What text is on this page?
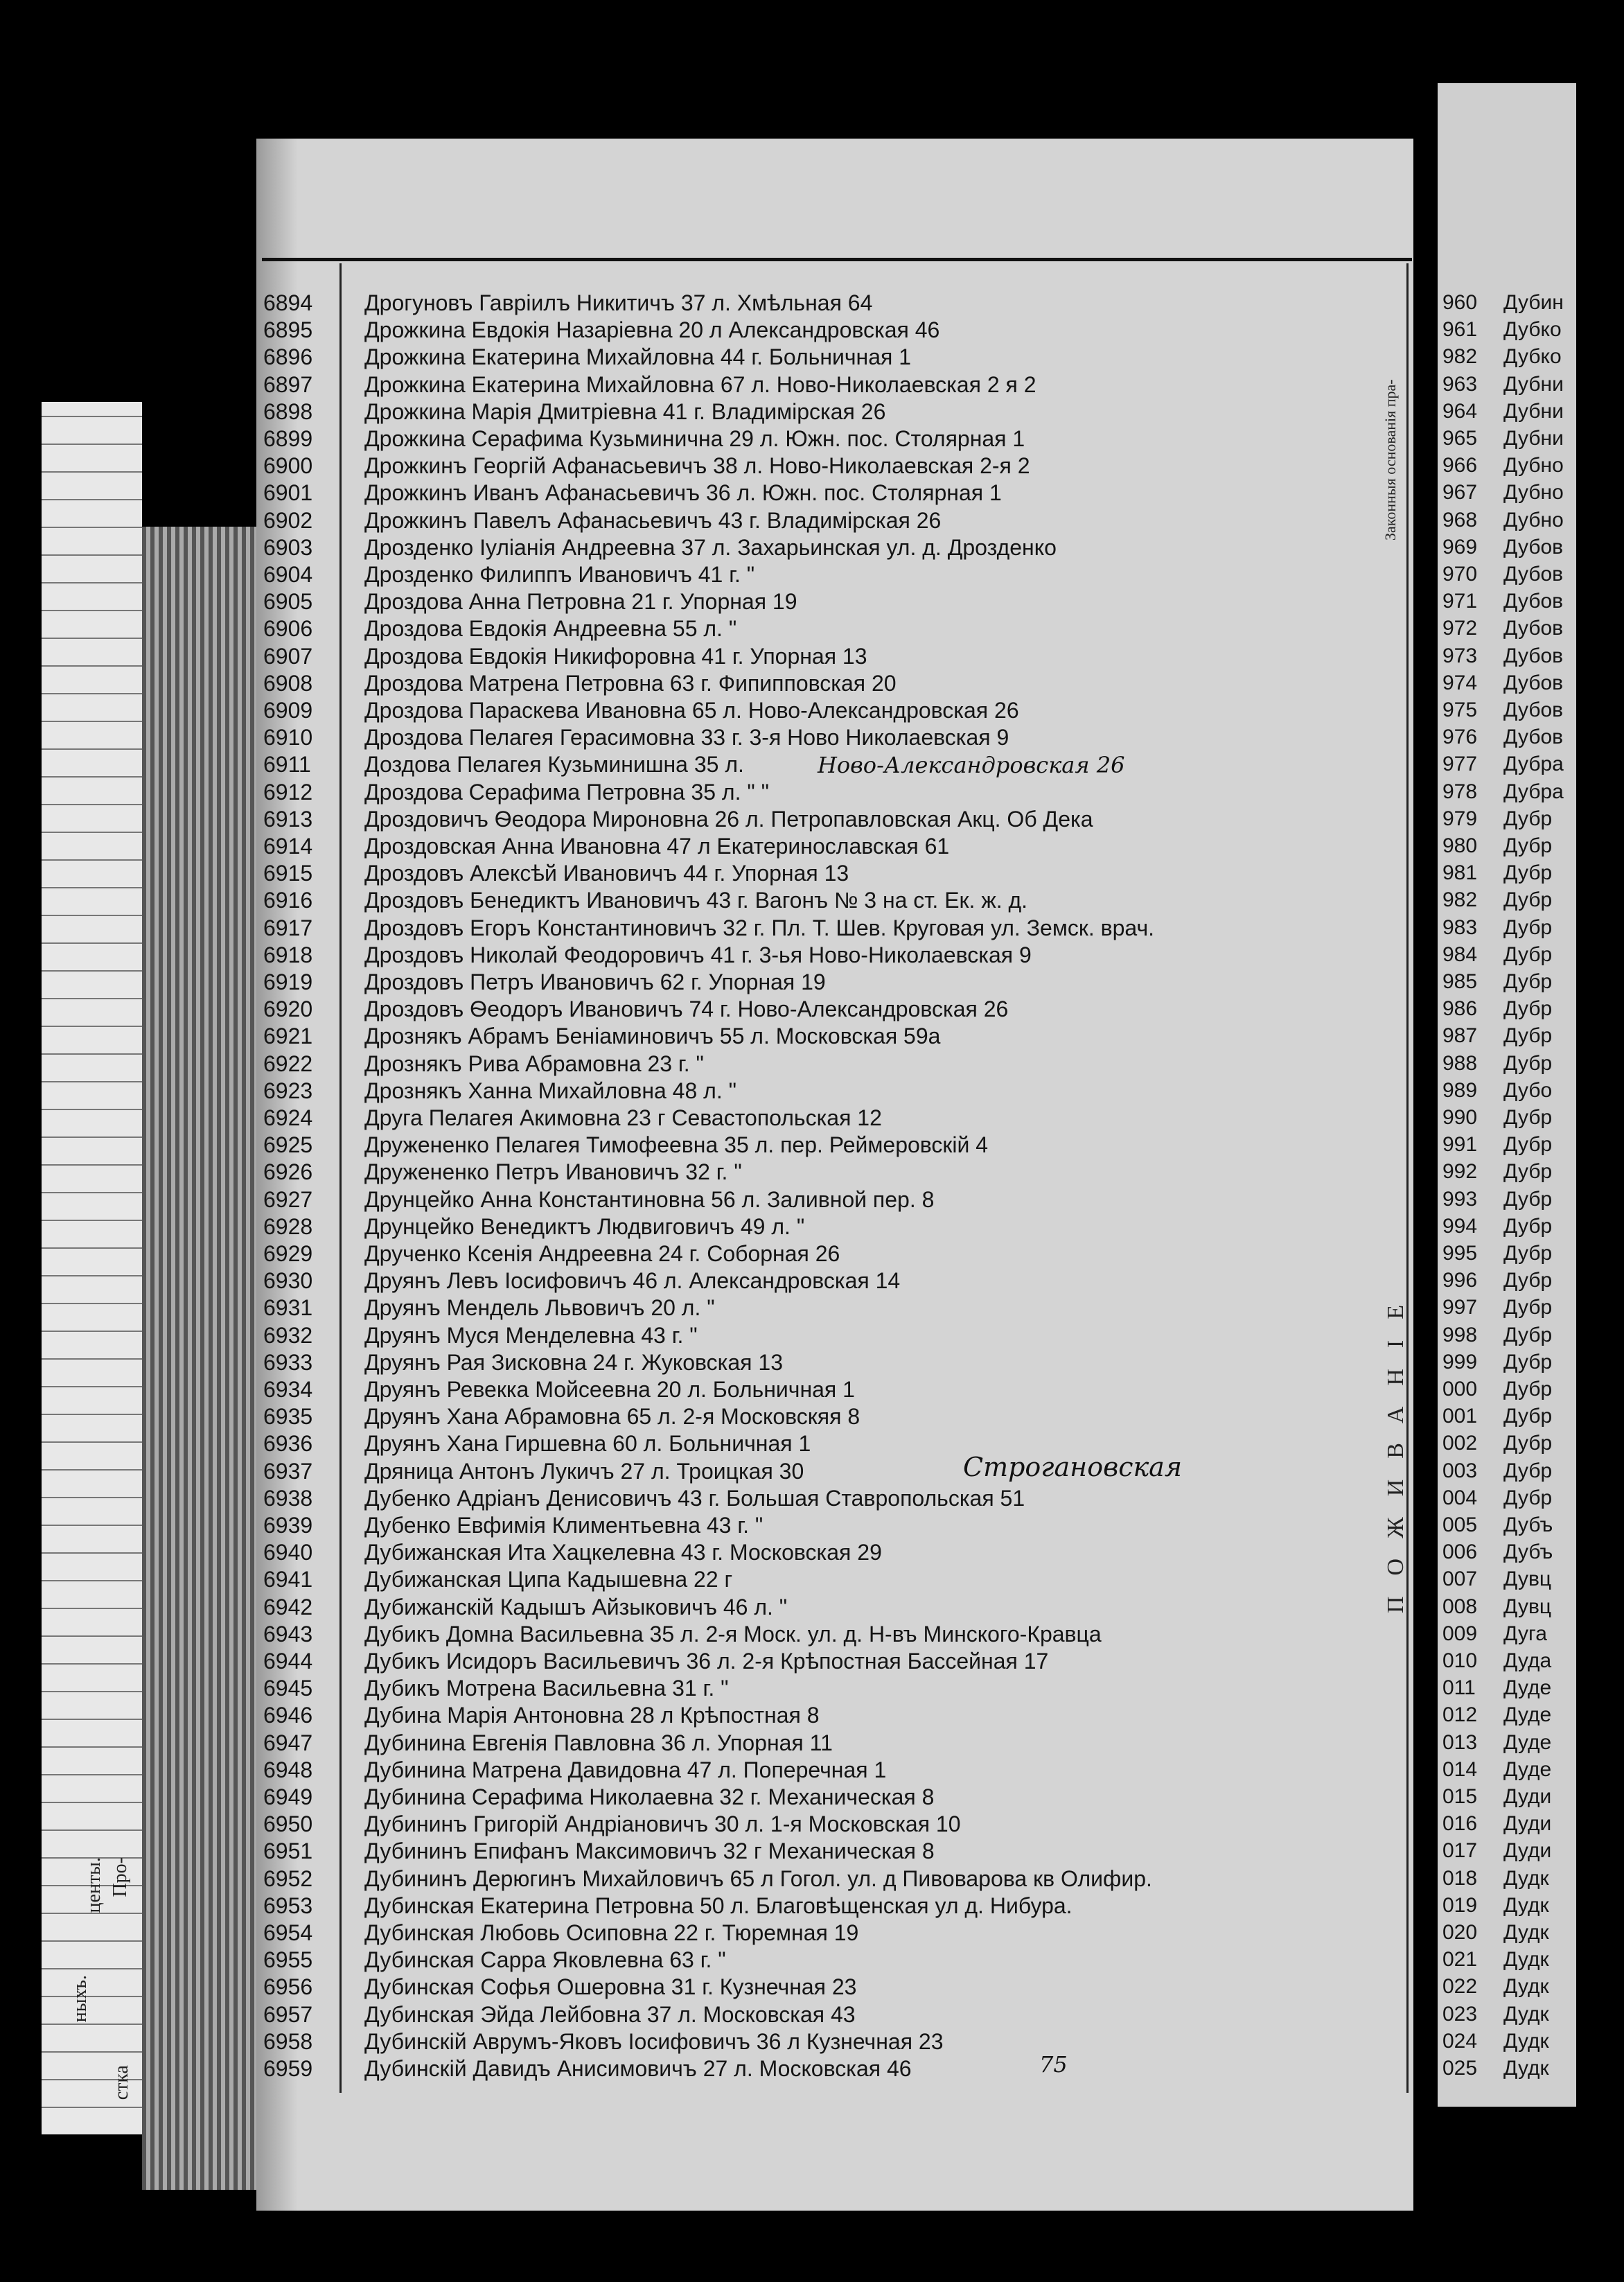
6894 Дрогуновъ Гавріилъ Никитичъ 37 л. Хмѣльная 64
6895 Дрожкина Евдокія Назаріевна 20 л Александровская 46
6896 Дрожкина Екатерина Михайловна 44 г. Больничная 1
6897 Дрожкина Екатерина Михайловна 67 л. Ново-Николаевская 2 я 2
6898 Дрожкина Марія Дмитріевна 41 г. Владимірская 26
6899 Дрожкина Серафима Кузьминична 29 л. Южн. пос. Столярная 1
6900 Дрожкинъ Георгій Афанасьевичъ 38 л. Ново-Николаевская 2-я 2
6901 Дрожкинъ Иванъ Афанасьевичъ 36 л. Южн. пос. Столярная 1
6902 Дрожкинъ Павелъ Афанасьевичъ 43 г. Владимірская 26
6903 Дрозденко Іуліанія Андреевна 37 л. Захарьинская ул. д. Дрозденко
6904 Дрозденко Филиппъ Ивановичъ 41 г. "
6905 Дроздова Анна Петровна 21 г. Упорная 19
6906 Дроздова Евдокія Андреевна 55 л. "
6907 Дроздова Евдокія Никифоровна 41 г. Упорная 13
6908 Дроздова Матрена Петровна 63 г. Фипипповская 20
6909 Дроздова Параскева Ивановна 65 л. Ново-Александровская 26
6910 Дроздова Пелагея Герасимовна 33 г. 3-я Ново Николаевская 9
6911 Доздова Пелагея Кузьминишна 35 л.
6912 Дроздова Серафима Петровна 35 л. " "
6913 Дроздовичъ Ѳеодора Мироновна 26 л. Петропавловская Акц. Об Дека
6914 Дроздовская Анна Ивановна 47 л Екатеринославская 61
6915 Дроздовъ Алексѣй Ивановичъ 44 г. Упорная 13
6916 Дроздовъ Бенедиктъ Ивановичъ 43 г. Вагонъ № 3 на ст. Ек. ж. д.
6917 Дроздовъ Егоръ Константиновичъ 32 г. Пл. Т. Шев. Круговая ул. Земск. врач.
6918 Дроздовъ Николай Феодоровичъ 41 г. 3-ья Ново-Николаевская 9
6919 Дроздовъ Петръ Ивановичъ 62 г. Упорная 19
6920 Дроздовъ Ѳеодоръ Ивановичъ 74 г. Ново-Александровская 26
6921 Дрознякъ Абрамъ Беніаминовичъ 55 л. Московская 59а
6922 Дрознякъ Рива Абрамовна 23 г. "
6923 Дрознякъ Ханна Михайловна 48 л. "
6924 Друга Пелагея Акимовна 23 г Севастопольская 12
6925 Дружененко Пелагея Тимофеевна 35 л. пер. Реймеровскій 4
6926 Дружененко Петръ Ивановичъ 32 г. "
6927 Друнцейко Анна Константиновна 56 л. Заливной пер. 8
6928 Друнцейко Венедиктъ Людвиговичъ 49 л. "
6929 Друченко Ксенія Андреевна 24 г. Соборная 26
6930 Друянъ Левъ Іосифовичъ 46 л. Александровская 14
6931 Друянъ Мендель Львовичъ 20 л. "
6932 Друянъ Муся Менделевна 43 г. "
6933 Друянъ Рая Зисковна 24 г. Жуковская 13
6934 Друянъ Ревекка Мойсеевна 20 л. Больничная 1
6935 Друянъ Хана Абрамовна 65 л. 2-я Московскяя 8
6936 Друянъ Хана Гиршевна 60 л. Больничная 1
6937 Дряница Антонъ Лукичъ 27 л. Троицкая 30
6938 Дубенко Адріанъ Денисовичъ 43 г. Большая Ставропольская 51
6939 Дубенко Евфимія Климентьевна 43 г. "
6940 Дубижанская Ита Хацкелевна 43 г. Московская 29
6941 Дубижанская Ципа Кадышевна 22 г
6942 Дубижанскій Кадышъ Айзыковичъ 46 л. "
6943 Дубикъ Домна Васильевна 35 л. 2-я Моск. ул. д. Н-въ Минского-Кравца
6944 Дубикъ Исидоръ Васильевичъ 36 л. 2-я Крѣпостная Бассейная 17
6945 Дубикъ Мотрена Васильевна 31 г. "
6946 Дубина Марія Антоновна 28 л Крѣпостная 8
6947 Дубинина Евгенія Павловна 36 л. Упорная 11
6948 Дубинина Матрена Давидовна 47 л. Поперечная 1
6949 Дубинина Серафима Николаевна 32 г. Механическая 8
6950 Дубининъ Григорій Андріановичъ 30 л. 1-я Московская 10
6951 Дубининъ Епифанъ Максимовичъ 32 г Механическая 8
6952 Дубининъ Дерюгинъ Михайловичъ 65 л Гогол. ул. д Пивоварова кв Олифир.
6953 Дубинская Екатерина Петровна 50 л. Благовѣщенская ул д. Нибура.
6954 Дубинская Любовь Осиповна 22 г. Тюремная 19
6955 Дубинская Сарра Яковлевна 63 г. "
6956 Дубинская Софья Ошеровна 31 г. Кузнечная 23
6957 Дубинская Эйда Лейбовна 37 л. Московская 43
6958 Дубинскій Аврумъ-Яковъ Іосифовичъ 36 л Кузнечная 23
6959 Дубинскій Давидъ Анисимовичъ 27 л. Московская 46
Ново-Александровская 26
Строгановская
75
Законныя основанія пра-
ПОЖИВАНІЕ
960 Дубин
961 Дубко
982 Дубко
963 Дубни
964 Дубни
965 Дубни
966 Дубно
967 Дубно
968 Дубно
969 Дубов
970 Дубов
971 Дубов
972 Дубов
973 Дубов
974 Дубов
975 Дубов
976 Дубов
977 Дубра
978 Дубра
979 Дубр
980 Дубр
981 Дубр
982 Дубр
983 Дубр
984 Дубр
985 Дубр
986 Дубр
987 Дубр
988 Дубр
989 Дубо
990 Дубр
991 Дубр
992 Дубр
993 Дубр
994 Дубр
995 Дубр
996 Дубр
997 Дубр
998 Дубр
999 Дубр
000 Дубр
001 Дубр
002 Дубр
003 Дубр
004 Дубр
005 Дубъ
006 Дубъ
007 Дувц
008 Дувц
009 Дуга
010 Дуда
011 Дуде
012 Дуде
013 Дуде
014 Дуде
015 Дуди
016 Дуди
017 Дуди
018 Дудк
019 Дудк
020 Дудк
021 Дудк
022 Дудк
023 Дудк
024 Дудк
025 Дудк
Про-
центы.
ныхъ.
стка
